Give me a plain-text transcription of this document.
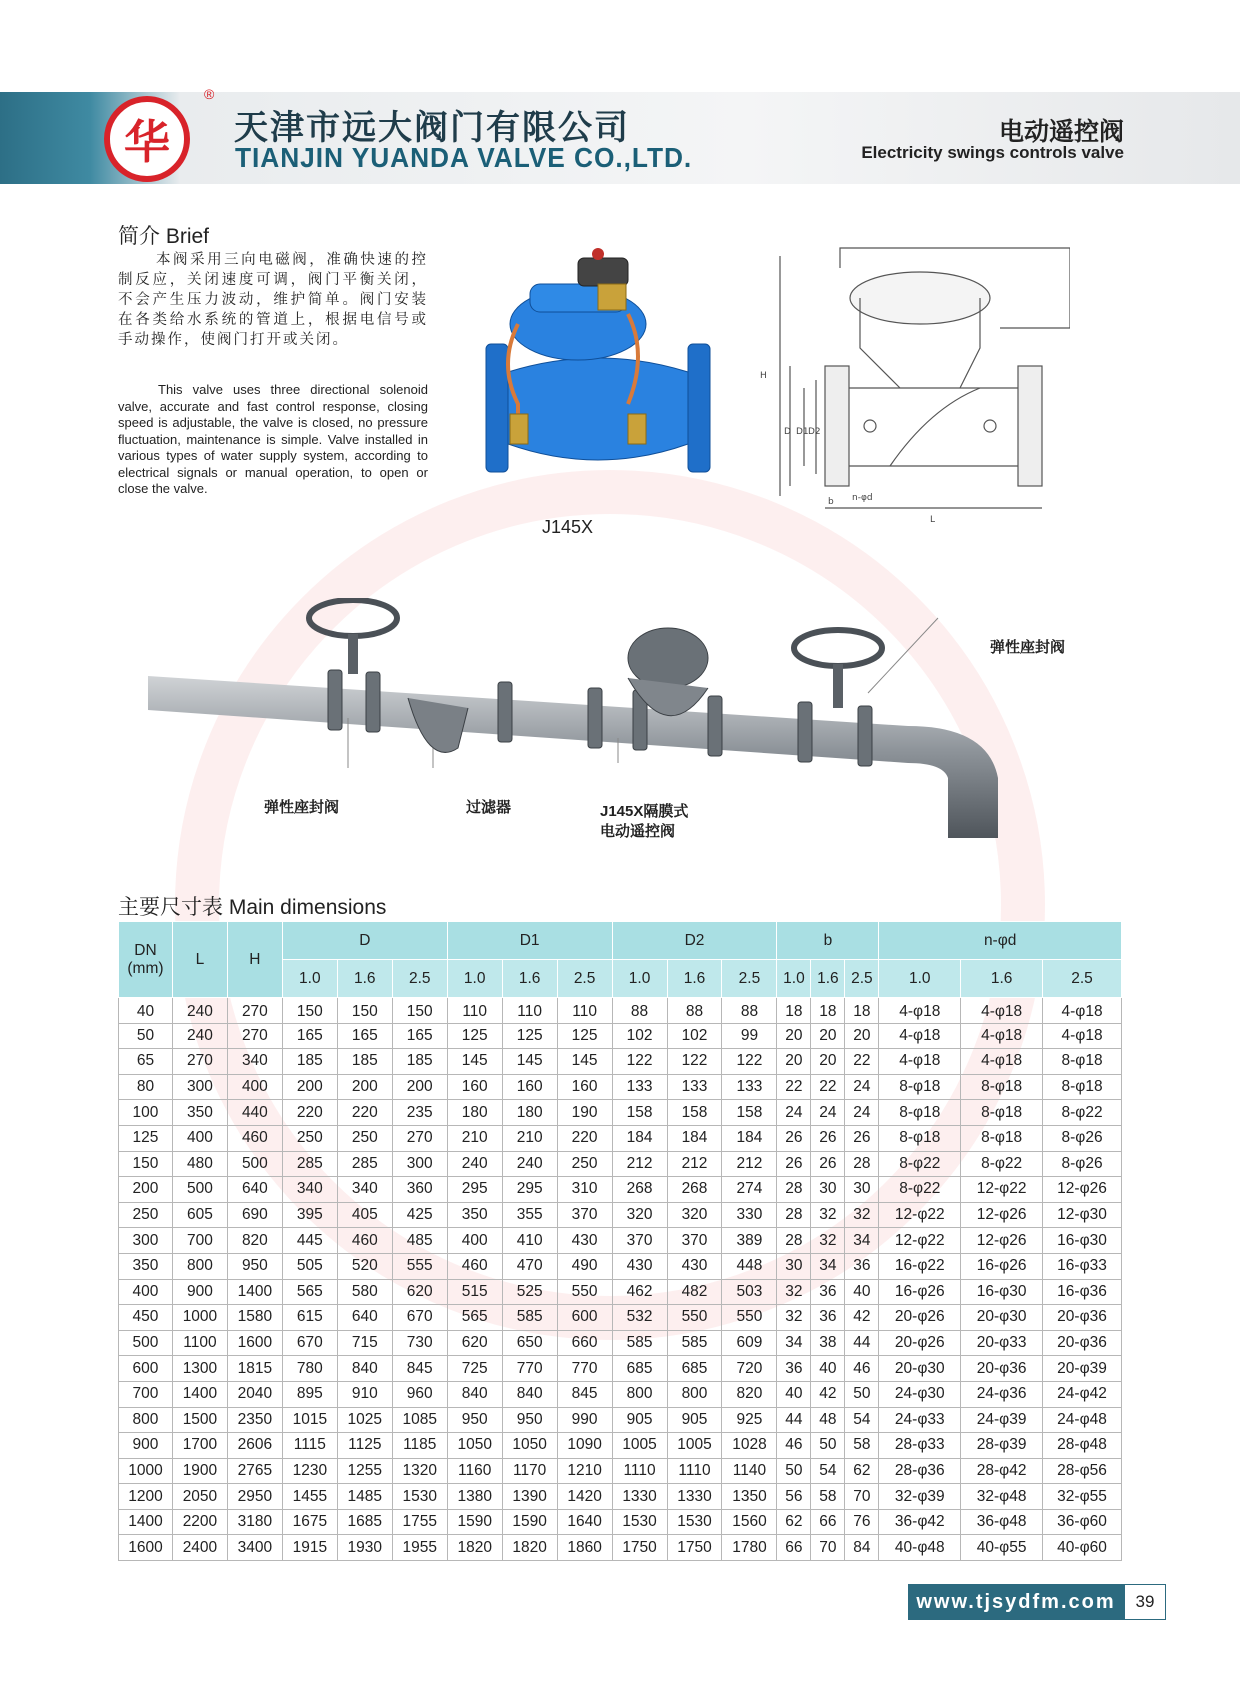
华
®
天津市远大阀门有限公司
TIANJIN YUANDA VALVE CO.,LTD.
电动遥控阀
Electricity swings controls valve
简介 Brief

本阀采用三向电磁阀，准确快速的控制反应，关闭速度可调，阀门平衡关闭，不会产生压力波动，维护简单。阀门安装在各类给水系统的管道上，根据电信号或手动操作，使阀门打开或关闭。

This valve uses three directional solenoid valve, accurate and fast control response, closing speed is adjustable, the valve is closed, no pressure fluctuation, maintenance is simple. Valve installed in various types of water supply system, according to electrical signals or manual operation, to open or close the valve.

J145X
H
D D1 D2
n-φd
b
L
弹性座封阀	过滤器	J145X隔膜式
电动遥控阀
弹性座封阀
主要尺寸表 Main dimensions
DN
(mm)	L	H	D			D1			D2			b			n-φd		
			1.0	1.6	2.5	1.0	1.6	2.5	1.0	1.6	2.5	1.0	1.6	2.5	1.0	1.6	2.5
40	240	270	150	150	150	110	110	110	88	88	88	18	18	18	4-φ18	4-φ18	4-φ18
50	240	270	165	165	165	125	125	125	102	102	99	20	20	20	4-φ18	4-φ18	4-φ18
65	270	340	185	185	185	145	145	145	122	122	122	20	20	22	4-φ18	4-φ18	8-φ18
80	300	400	200	200	200	160	160	160	133	133	133	22	22	24	8-φ18	8-φ18	8-φ18
100	350	440	220	220	235	180	180	190	158	158	158	24	24	24	8-φ18	8-φ18	8-φ22
125	400	460	250	250	270	210	210	220	184	184	184	26	26	26	8-φ18	8-φ18	8-φ26
150	480	500	285	285	300	240	240	250	212	212	212	26	26	28	8-φ22	8-φ22	8-φ26
200	500	640	340	340	360	295	295	310	268	268	274	28	30	30	8-φ22	12-φ22	12-φ26
250	605	690	395	405	425	350	355	370	320	320	330	28	32	32	12-φ22	12-φ26	12-φ30
300	700	820	445	460	485	400	410	430	370	370	389	28	32	34	12-φ22	12-φ26	16-φ30
350	800	950	505	520	555	460	470	490	430	430	448	30	34	36	16-φ22	16-φ26	16-φ33
400	900	1400	565	580	620	515	525	550	462	482	503	32	36	40	16-φ26	16-φ30	16-φ36
450	1000	1580	615	640	670	565	585	600	532	550	550	32	36	42	20-φ26	20-φ30	20-φ36
500	1100	1600	670	715	730	620	650	660	585	585	609	34	38	44	20-φ26	20-φ33	20-φ36
600	1300	1815	780	840	845	725	770	770	685	685	720	36	40	46	20-φ30	20-φ36	20-φ39
700	1400	2040	895	910	960	840	840	845	800	800	820	40	42	50	24-φ30	24-φ36	24-φ42
800	1500	2350	1015	1025	1085	950	950	990	905	905	925	44	48	54	24-φ33	24-φ39	24-φ48
900	1700	2606	1115	1125	1185	1050	1050	1090	1005	1005	1028	46	50	58	28-φ33	28-φ39	28-φ48
1000	1900	2765	1230	1255	1320	1160	1170	1210	1110	1110	1140	50	54	62	28-φ36	28-φ42	28-φ56
1200	2050	2950	1455	1485	1530	1380	1390	1420	1330	1330	1350	56	58	70	32-φ39	32-φ48	32-φ55
1400	2200	3180	1675	1685	1755	1590	1590	1640	1530	1530	1560	62	66	76	36-φ42	36-φ48	36-φ60
1600	2400	3400	1915	1930	1955	1820	1820	1860	1750	1750	1780	66	70	84	40-φ48	40-φ55	40-φ60
www.tjsydfm.com	39
